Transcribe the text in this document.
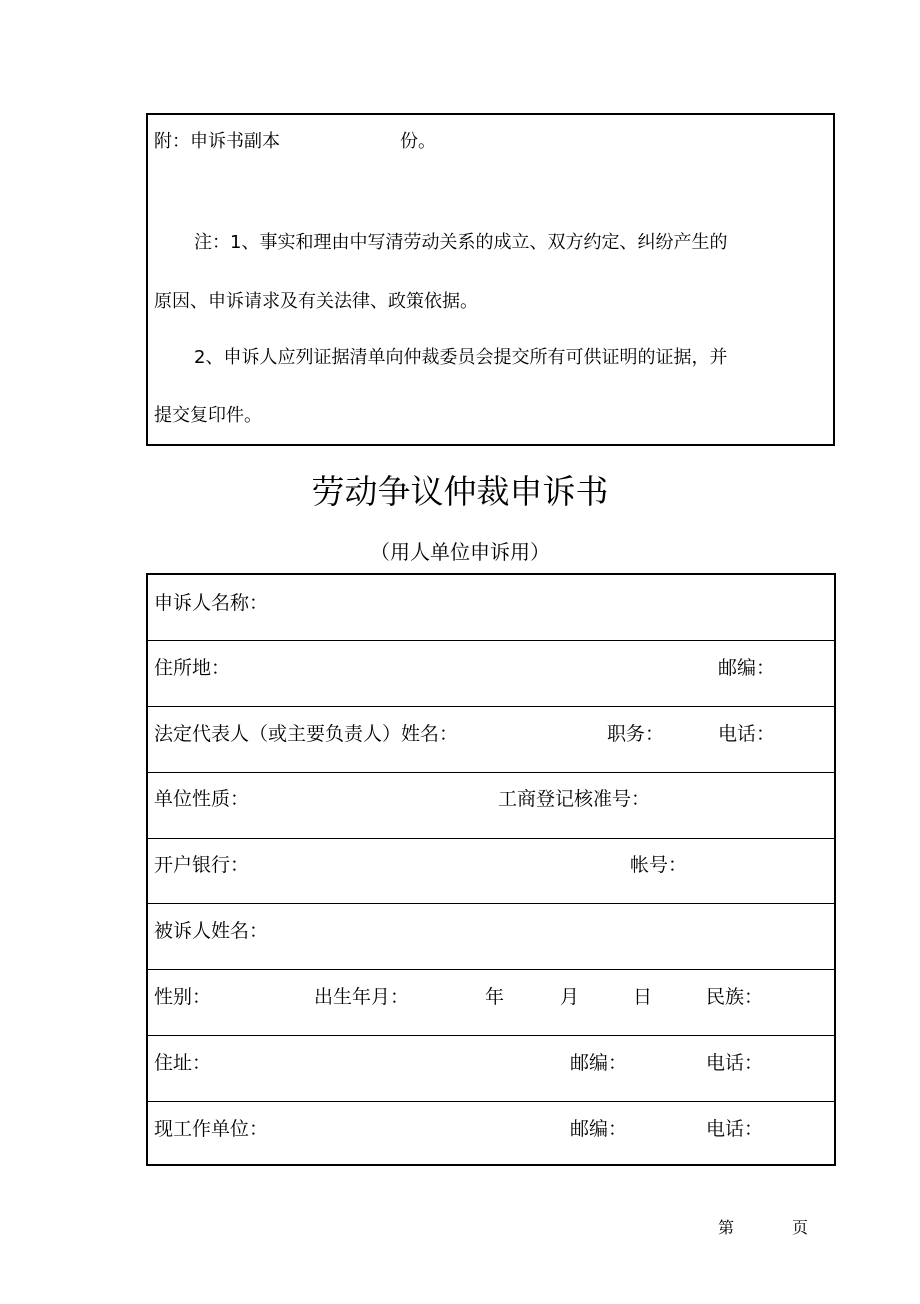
附：申诉书副本	份。
注：1、事实和理由中写清劳动关系的成立、双方约定、纠纷产生的
原因、申诉请求及有关法律、政策依据。
2、申诉人应列证据清单向仲裁委员会提交所有可供证明的证据，并
提交复印件。
劳动争议仲裁申诉书
（用人单位申诉用）
申诉人名称：
住所地：	邮编：
法定代表人（或主要负责人）姓名：	职务：	电话：
单位性质：	工商登记核准号：
开户银行：	帐号：
被诉人姓名：
性别：	出生年月：	年	月	日	民族：
住址：	邮编：	电话：
现工作单位：	邮编：	电话：
第	页
